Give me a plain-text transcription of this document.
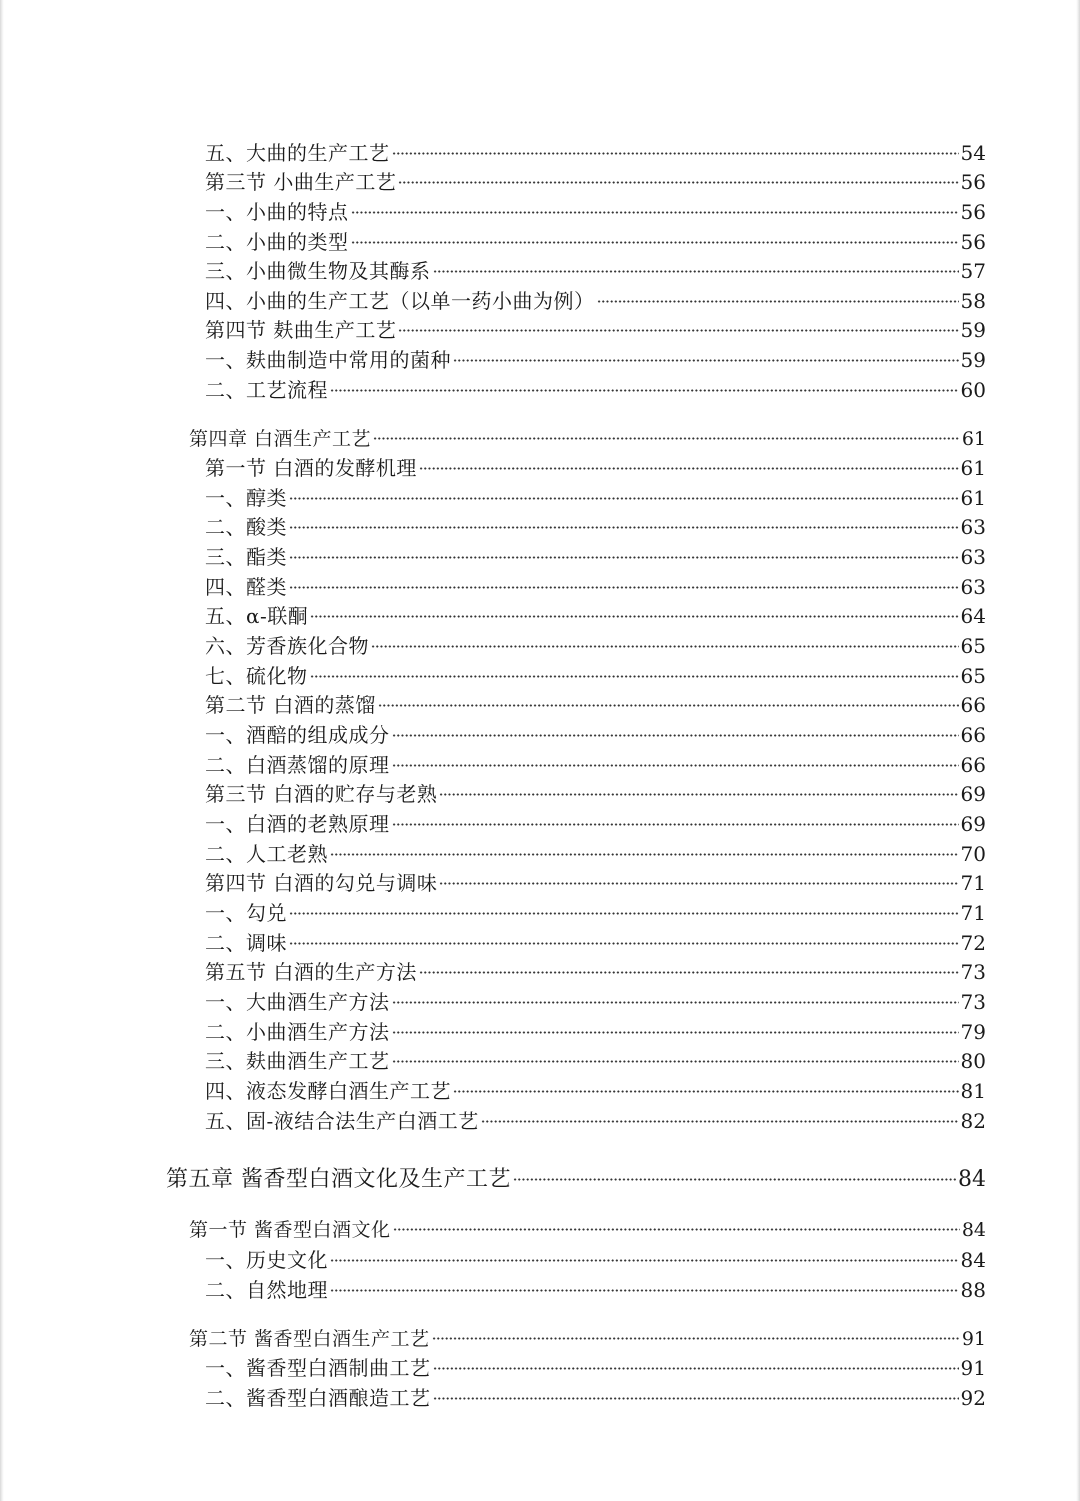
五、大曲的生产工艺	54
第三节 小曲生产工艺	56
一、小曲的特点	56
二、小曲的类型	56
三、小曲微生物及其酶系	57
四、小曲的生产工艺（以单一药小曲为例）	58
第四节 麸曲生产工艺	59
一、麸曲制造中常用的菌种	59
二、工艺流程	60
第四章 白酒生产工艺	61
第一节 白酒的发酵机理	61
一、醇类	61
二、酸类	63
三、酯类	63
四、醛类	63
五、α-联酮	64
六、芳香族化合物	65
七、硫化物	65
第二节 白酒的蒸馏	66
一、酒醅的组成成分	66
二、白酒蒸馏的原理	66
第三节 白酒的贮存与老熟	69
一、白酒的老熟原理	69
二、人工老熟	70
第四节 白酒的勾兑与调味	71
一、勾兑	71
二、调味	72
第五节 白酒的生产方法	73
一、大曲酒生产方法	73
二、小曲酒生产方法	79
三、麸曲酒生产工艺	80
四、液态发酵白酒生产工艺	81
五、固-液结合法生产白酒工艺	82
第五章 酱香型白酒文化及生产工艺	84
第一节 酱香型白酒文化	84
一、历史文化	84
二、自然地理	88
第二节 酱香型白酒生产工艺	91
一、酱香型白酒制曲工艺	91
二、酱香型白酒酿造工艺	92
